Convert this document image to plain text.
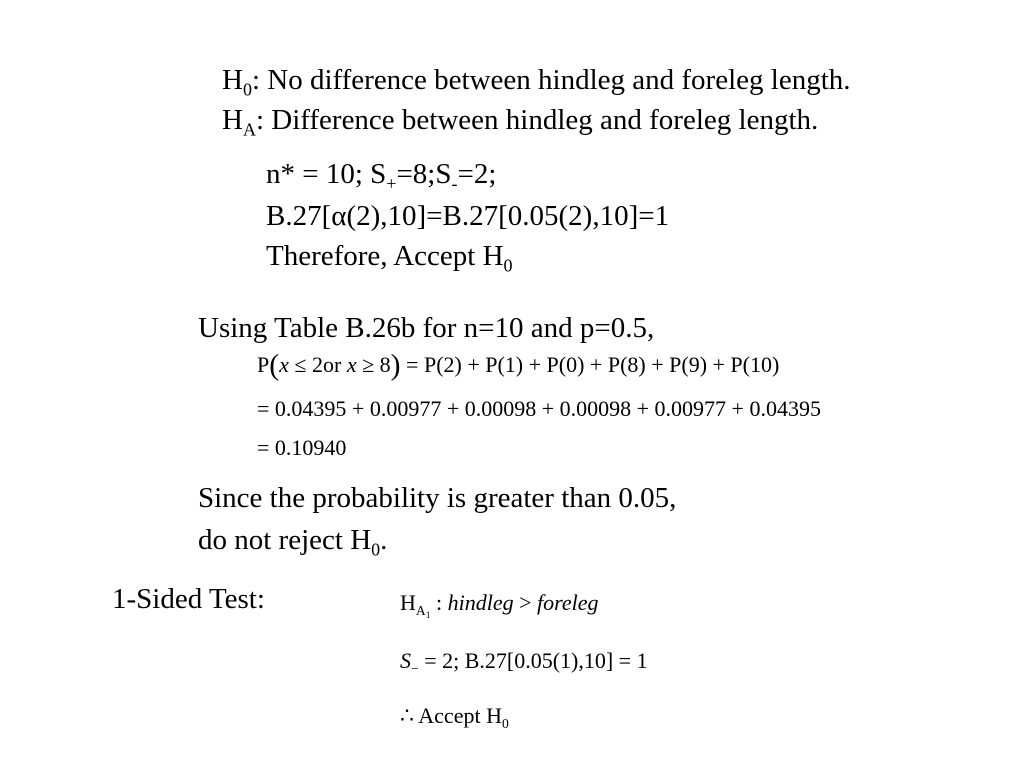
$H_0$: No difference between hindleg and foreleg length.
$H_A$: Difference between hindleg and foreleg length.
n* = 10; $S_+=8;S_-=2$;
B.27[α(2),10]=B.27[0.05(2),10]=1
Therefore, Accept $H_0$
Using Table B.26b for n=10 and p=0.5,
P(x ≤ 2or x ≥ 8) = P(2) + P(1) + P(0) + P(8) + P(9) + P(10)
= 0.04395 + 0.00977 + 0.00098 + 0.00098 + 0.00977 + 0.04395
= 0.10940
Since the probability is greater than 0.05,
do not reject $H_0$.
1-Sided Test:	$H_{A_1}$ : hindleg > foreleg
$S_- = 2$; B.27[0.05(1),10] = 1
∴ Accept $H_0$
